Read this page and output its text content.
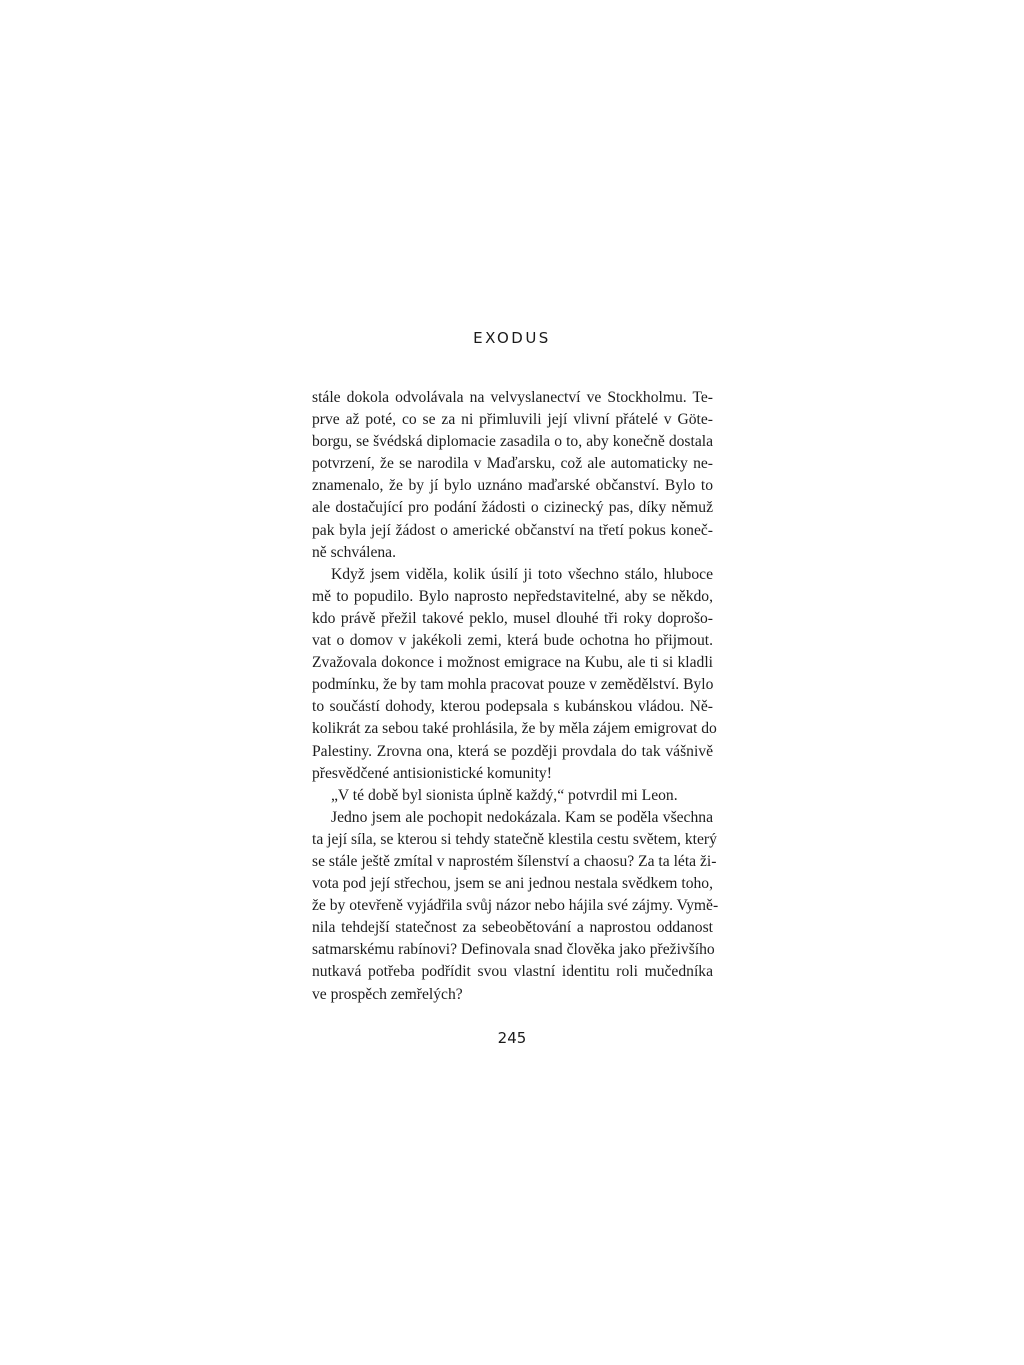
EXODUS
stále dokola odvolávala na velvyslanectví ve Stockholmu. Te-
prve až poté, co se za ni přimluvili její vlivní přátelé v Göte-
borgu, se švédská diplomacie zasadila o to, aby konečně dostala
potvrzení, že se narodila v Maďarsku, což ale automaticky ne-
znamenalo, že by jí bylo uznáno maďarské občanství. Bylo to
ale dostačující pro podání žádosti o cizinecký pas, díky němuž
pak byla její žádost o americké občanství na třetí pokus koneč-
ně schválena.
Když jsem viděla, kolik úsilí ji toto všechno stálo, hluboce
mě to popudilo. Bylo naprosto nepředstavitelné, aby se někdo,
kdo právě přežil takové peklo, musel dlouhé tři roky doprošo-
vat o domov v jakékoli zemi, která bude ochotna ho přijmout.
Zvažovala dokonce i možnost emigrace na Kubu, ale ti si kladli
podmínku, že by tam mohla pracovat pouze v zemědělství. Bylo
to součástí dohody, kterou podepsala s kubánskou vládou. Ně-
kolikrát za sebou také prohlásila, že by měla zájem emigrovat do
Palestiny. Zrovna ona, která se později provdala do tak vášnivě
přesvědčené antisionistické komunity!
„V té době byl sionista úplně každý,“ potvrdil mi Leon.
Jedno jsem ale pochopit nedokázala. Kam se poděla všechna
ta její síla, se kterou si tehdy statečně klestila cestu světem, který
se stále ještě zmítal v naprostém šílenství a chaosu? Za ta léta ži-
vota pod její střechou, jsem se ani jednou nestala svědkem toho,
že by otevřeně vyjádřila svůj názor nebo hájila své zájmy. Vymě-
nila tehdejší statečnost za sebeobětování a naprostou oddanost
satmarskému rabínovi? Definovala snad člověka jako přeživšího
nutkavá potřeba podřídit svou vlastní identitu roli mučedníka
ve prospěch zemřelých?
245
